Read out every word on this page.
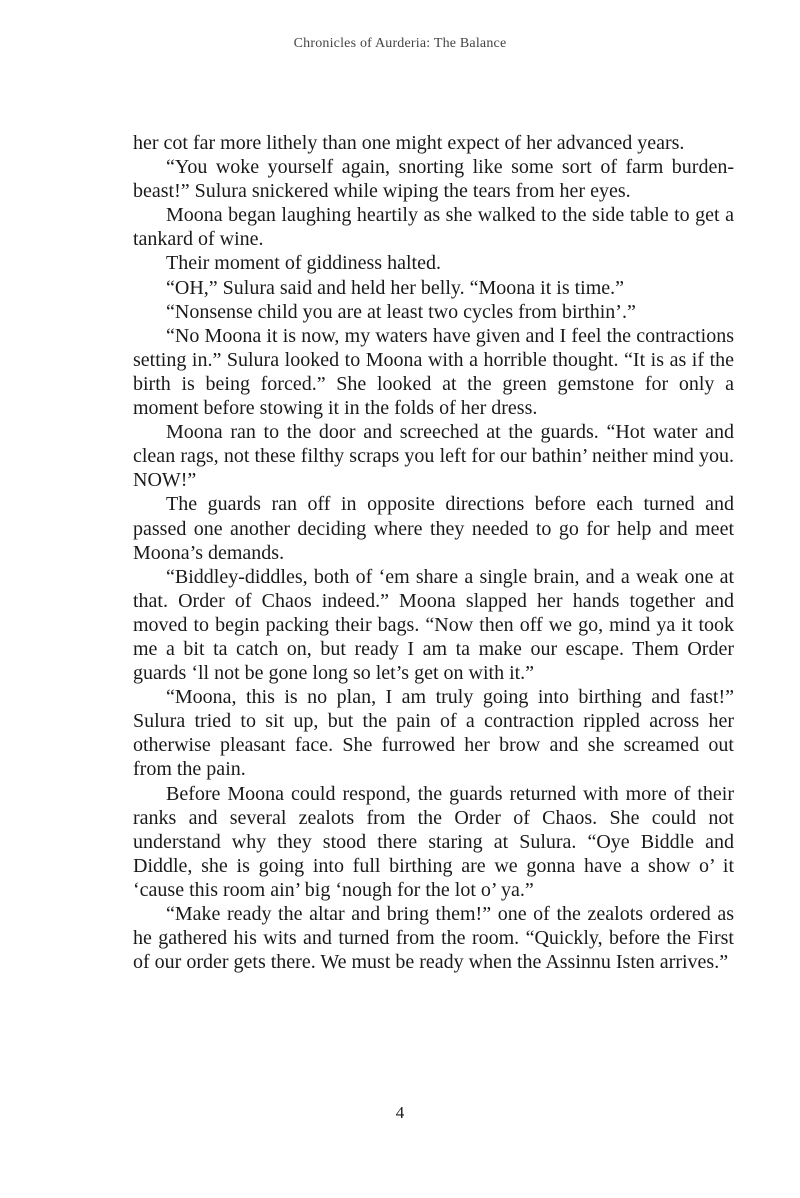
Chronicles of Aurderia: The Balance

her cot far more lithely than one might expect of her advanced years.

“You woke yourself again, snorting like some sort of farm burden-beast!” Sulura snickered while wiping the tears from her eyes.

Moona began laughing heartily as she walked to the side table to get a tankard of wine.

Their moment of giddiness halted.

“OH,” Sulura said and held her belly. “Moona it is time.”

“Nonsense child you are at least two cycles from birthin’.”

“No Moona it is now, my waters have given and I feel the contractions setting in.” Sulura looked to Moona with a horrible thought. “It is as if the birth is being forced.” She looked at the green gemstone for only a moment before stowing it in the folds of her dress.

Moona ran to the door and screeched at the guards. “Hot water and clean rags, not these filthy scraps you left for our bathin’ neither mind you. NOW!”

The guards ran off in opposite directions before each turned and passed one another deciding where they needed to go for help and meet Moona’s demands.

“Biddley-diddles, both of ‘em share a single brain, and a weak one at that. Order of Chaos indeed.” Moona slapped her hands together and moved to begin packing their bags. “Now then off we go, mind ya it took me a bit ta catch on, but ready I am ta make our escape. Them Order guards ‘ll not be gone long so let’s get on with it.”

“Moona, this is no plan, I am truly going into birthing and fast!” Sulura tried to sit up, but the pain of a contraction rippled across her otherwise pleasant face. She furrowed her brow and she screamed out from the pain.

Before Moona could respond, the guards returned with more of their ranks and several zealots from the Order of Chaos. She could not understand why they stood there staring at Sulura. “Oye Biddle and Diddle, she is going into full birthing are we gonna have a show o’ it ‘cause this room ain’ big ‘nough for the lot o’ ya.”

“Make ready the altar and bring them!” one of the zealots ordered as he gathered his wits and turned from the room. “Quickly, before the First of our order gets there. We must be ready when the Assinnu Isten arrives.”

4
